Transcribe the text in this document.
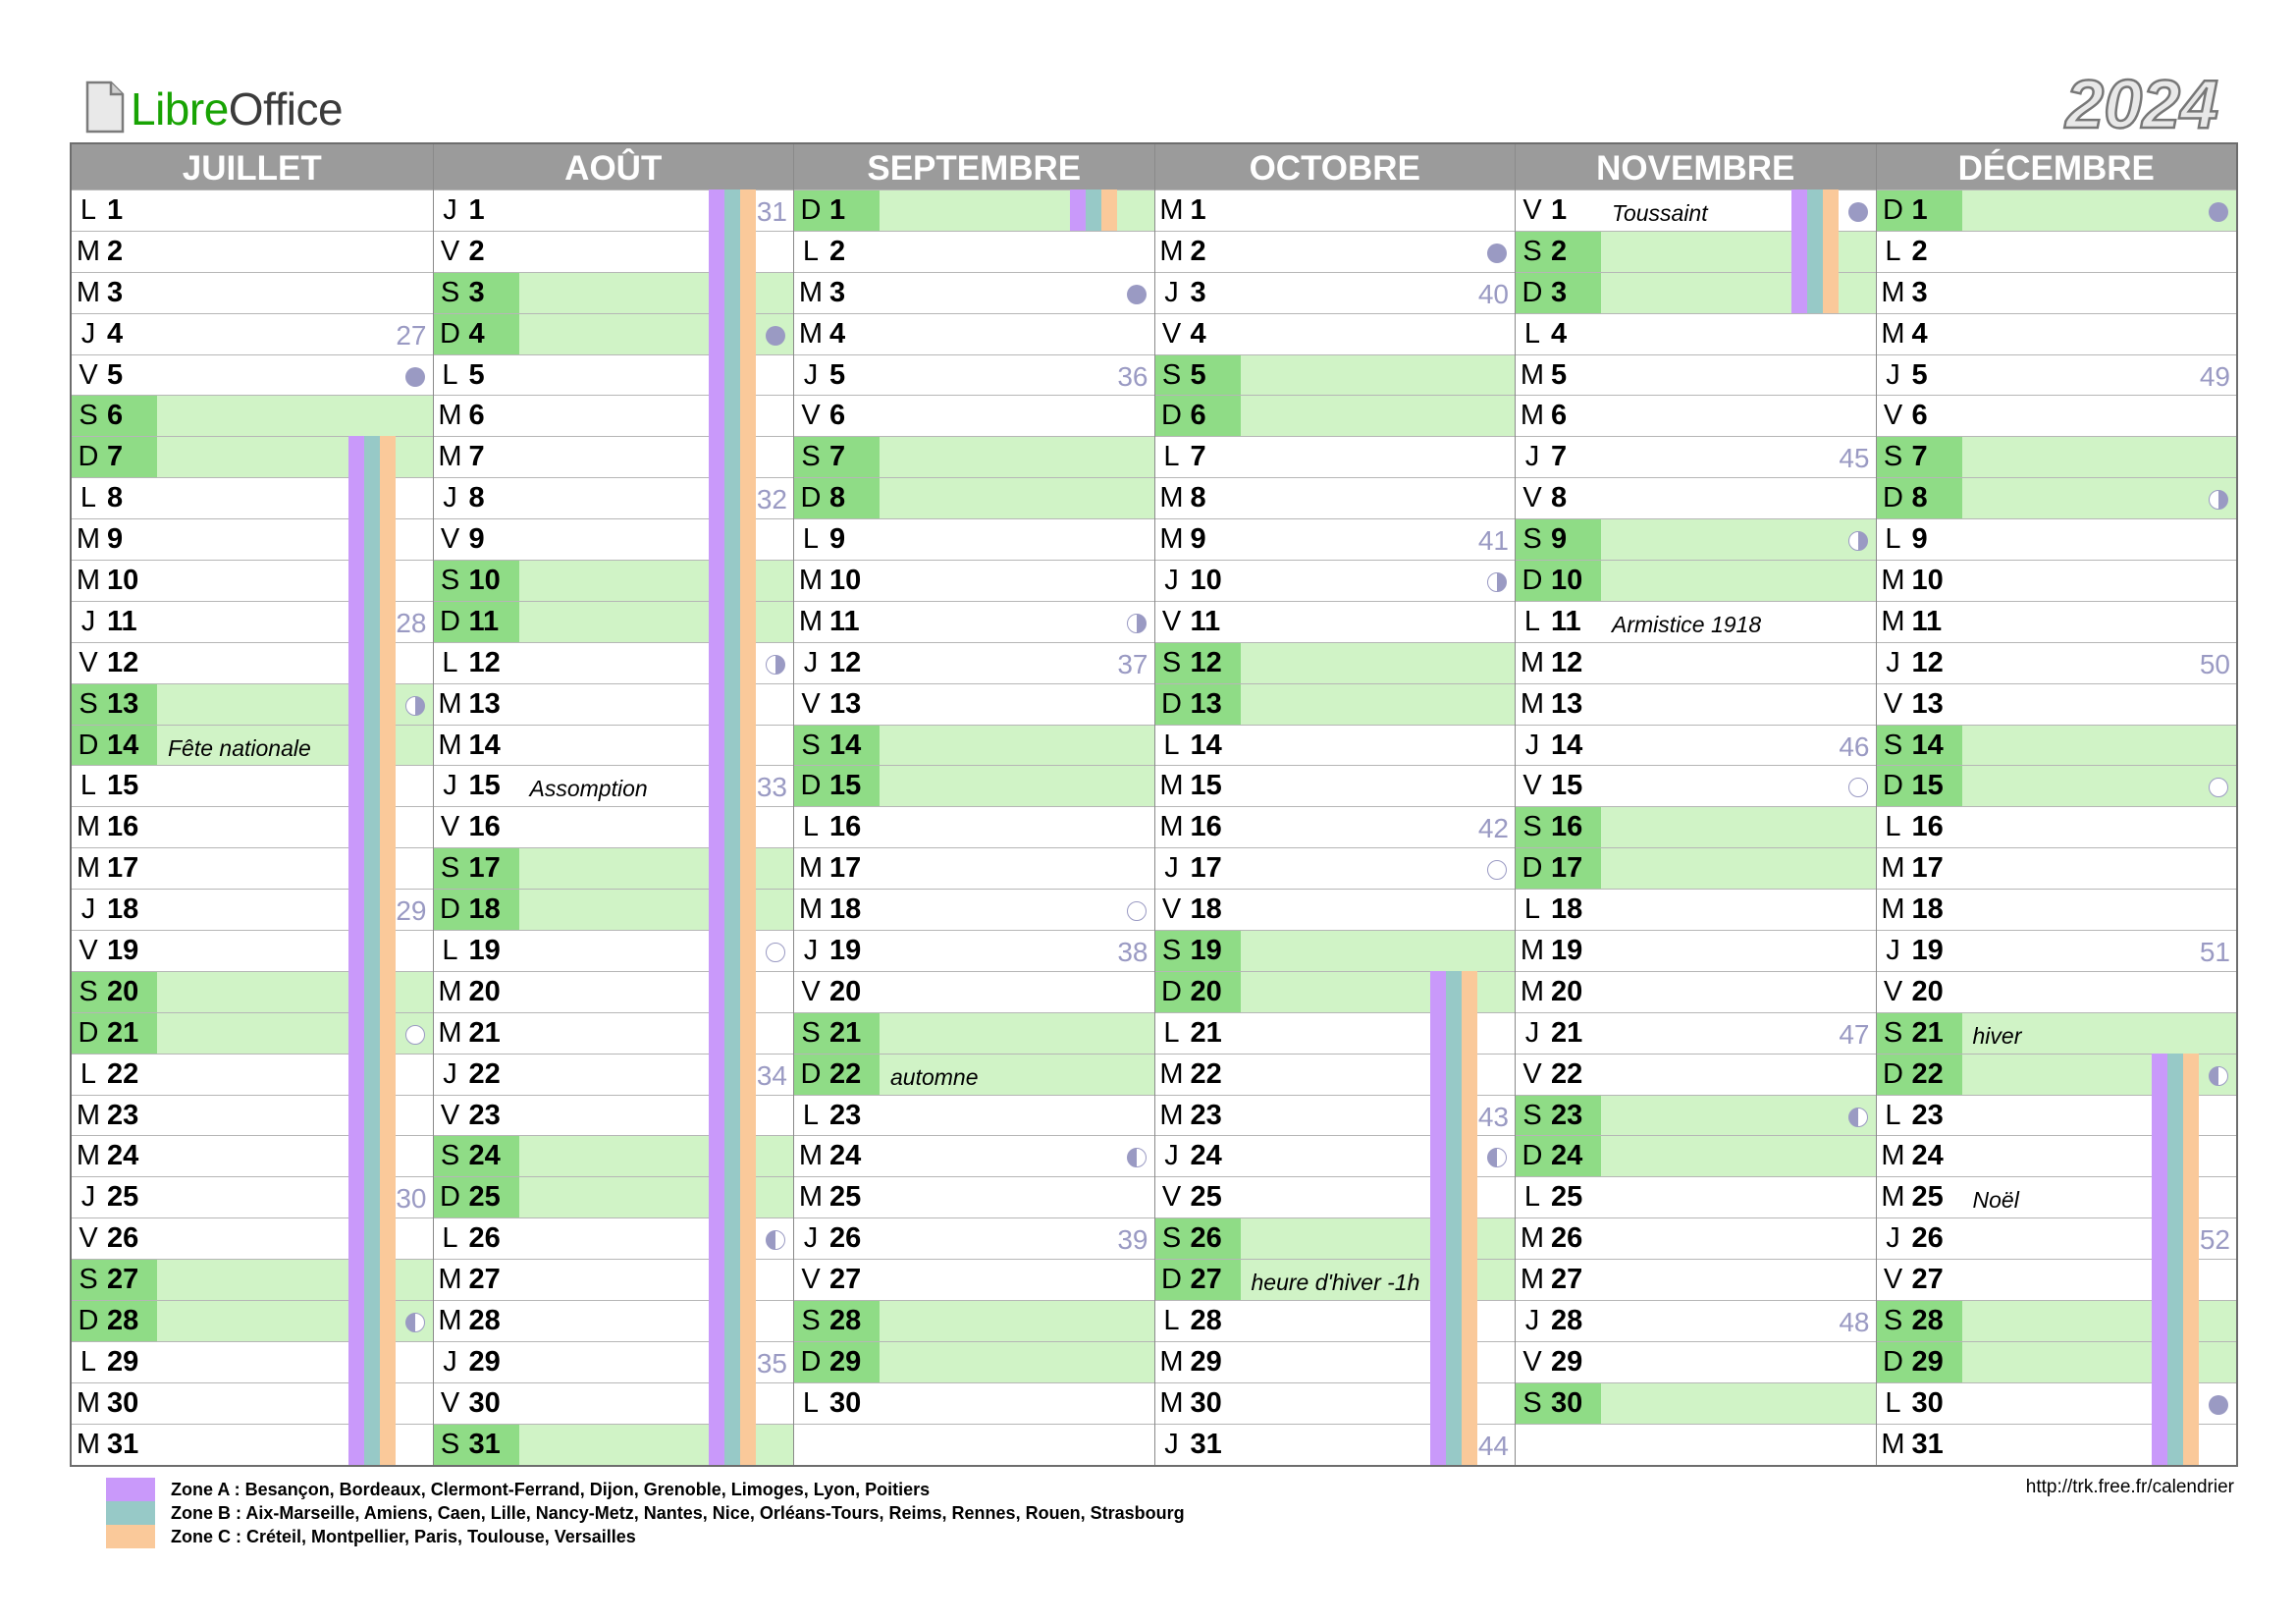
LibreOffice	2024
JUILLET
L 1
M 2
M 3
J 4	27
V 5
S 6
D 7
L 8
M 9
M 10
J 11	28
V 12
S 13
D 14	Fête nationale
L 15
M 16
M 17
J 18	29
V 19
S 20
D 21
L 22
M 23
M 24
J 25	30
V 26
S 27
D 28
L 29
M 30
M 31
AOÛT
J 1	31
V 2
S 3
D 4
L 5
M 6
M 7
J 8	32
V 9
S 10
D 11
L 12
M 13
M 14
J 15	Assomption	33
V 16
S 17
D 18
L 19
M 20
M 21
J 22	34
V 23
S 24
D 25
L 26
M 27
M 28
J 29	35
V 30
S 31
SEPTEMBRE
D 1
L 2
M 3
M 4
J 5	36
V 6
S 7
D 8
L 9
M 10
M 11
J 12	37
V 13
S 14
D 15
L 16
M 17
M 18
J 19	38
V 20
S 21
D 22	automne
L 23
M 24
M 25
J 26	39
V 27
S 28
D 29
L 30
OCTOBRE
M 1
M 2
J 3	40
V 4
S 5
D 6
L 7
M 8
M 9	41
J 10
V 11
S 12
D 13
L 14
M 15
M 16	42
J 17
V 18
S 19
D 20
L 21
M 22
M 23	43
J 24
V 25
S 26
D 27	heure d'hiver -1h
L 28
M 29
M 30
J 31	44
NOVEMBRE
V 1	Toussaint
S 2
D 3
L 4
M 5
M 6
J 7	45
V 8
S 9
D 10
L 11	Armistice 1918
M 12
M 13
J 14	46
V 15
S 16
D 17
L 18
M 19
M 20
J 21	47
V 22
S 23
D 24
L 25
M 26
M 27
J 28	48
V 29
S 30
DÉCEMBRE
D 1
L 2
M 3
M 4
J 5	49
V 6
S 7
D 8
L 9
M 10
M 11
J 12	50
V 13
S 14
D 15
L 16
M 17
M 18
J 19	51
V 20
S 21	hiver
D 22
L 23
M 24
M 25	Noël
J 26	52
V 27
S 28
D 29
L 30
M 31
Zone A : Besançon, Bordeaux, Clermont-Ferrand, Dijon, Grenoble, Limoges, Lyon, Poitiers
Zone B : Aix-Marseille, Amiens, Caen, Lille, Nancy-Metz, Nantes, Nice, Orléans-Tours, Reims, Rennes, Rouen, Strasbourg
Zone C : Créteil, Montpellier, Paris, Toulouse, Versailles
http://trk.free.fr/calendrier
